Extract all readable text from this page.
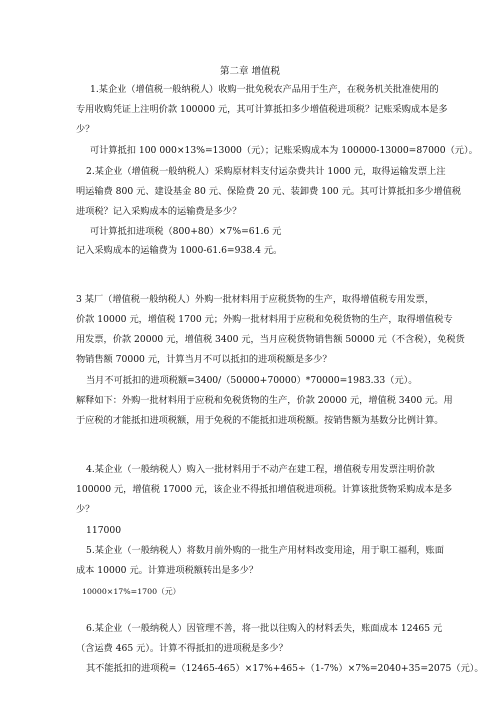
第二章 增值税
1.某企业（增值税一般纳税人）收购一批免税农产品用于生产，在税务机关批准使用的
专用收购凭证上注明价款 100000 元，其可计算抵扣多少增值税进项税？记账采购成本是多
少？
可计算抵扣 100 000×13%=13000（元）；记账采购成本为 100000-13000=87000（元）。
2.某企业（增值税一般纳税人）采购原材料支付运杂费共计 1000 元，取得运输发票上注
明运输费 800 元、建设基金 80 元、保险费 20 元、装卸费 100 元。其可计算抵扣多少增值税
进项税？记入采购成本的运输费是多少？
可计算抵扣进项税（800+80）×7%=61.6 元
记入采购成本的运输费为 1000-61.6=938.4 元。
3 某厂（增值税一般纳税人）外购一批材料用于应税货物的生产，取得增值税专用发票，
价款 10000 元，增值税 1700 元；外购一批材料用于应税和免税货物的生产，取得增值税专
用发票，价款 20000 元，增值税 3400 元，当月应税货物销售额 50000 元（不含税），免税货
物销售额 70000 元，计算当月不可以抵扣的进项税额是多少？
当月不可抵扣的进项税额=3400/（50000+70000）*70000=1983.33（元）。
解释如下：外购一批材料用于应税和免税货物的生产，价款 20000 元，增值税 3400 元。用
于应税的才能抵扣进项税额，用于免税的不能抵扣进项税额。按销售额为基数分比例计算。
4.某企业（一般纳税人）购入一批材料用于不动产在建工程，增值税专用发票注明价款
100000 元，增值税 17000 元，该企业不得抵扣增值税进项税。计算该批货物采购成本是多
少？
117000
5.某企业（一般纳税人）将数月前外购的一批生产用材料改变用途，用于职工福利，账面
成本 10000 元。计算进项税额转出是多少？
10000×17%=1700（元）
6.某企业（一般纳税人）因管理不善，将一批以往购入的材料丢失，账面成本 12465 元
（含运费 465 元）。计算不得抵扣的进项税是多少？
其不能抵扣的进项税=（12465-465）×17%+465÷（1-7%）×7%=2040+35=2075（元）。
